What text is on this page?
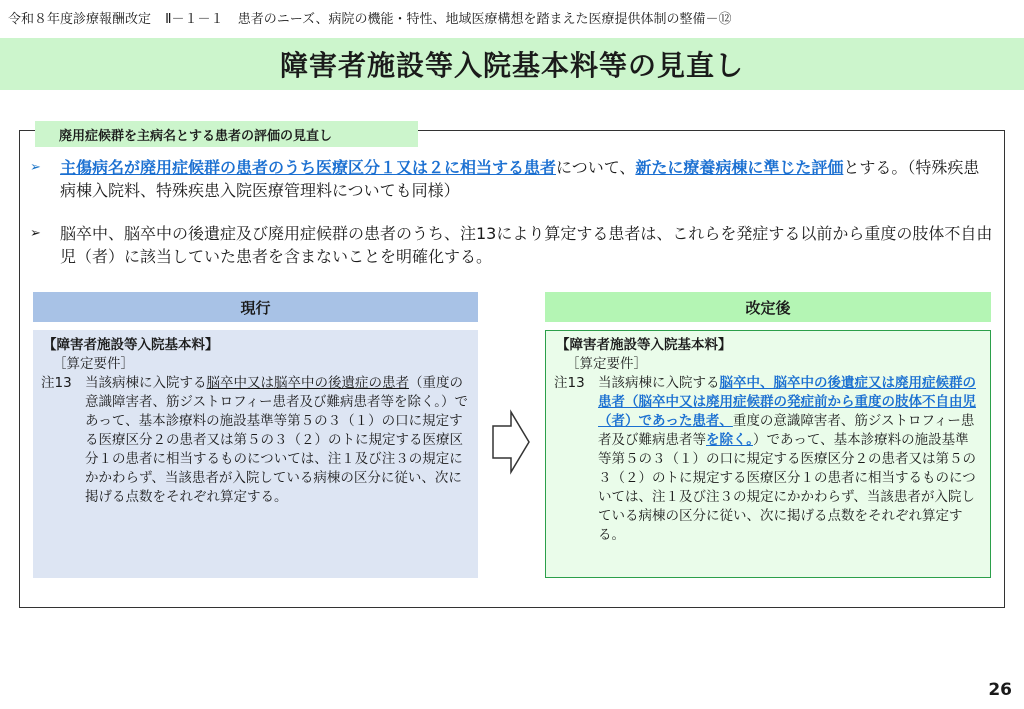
令和８年度診療報酬改定 Ⅱ－１－１ 患者のニーズ、病院の機能・特性、地域医療構想を踏まえた医療提供体制の整備－⑫
障害者施設等入院基本料等の見直し
廃用症候群を主病名とする患者の評価の見直し
➢ 主傷病名が廃用症候群の患者のうち医療区分１又は２に相当する患者について、新たに療養病棟に準じた評価とする。（特殊疾患病棟入院料、特殊疾患入院医療管理料についても同様）
➢ 脳卒中、脳卒中の後遺症及び廃用症候群の患者のうち、注13により算定する患者は、これらを発症する以前から重度の肢体不自由児（者）に該当していた患者を含まないことを明確化する。
現行	改定後
【障害者施設等入院基本料】
［算定要件］
注13 当該病棟に入院する脳卒中又は脳卒中の後遺症の患者（重度の意識障害者、筋ジストロフィー患者及び難病患者等を除く。）であって、基本診療料の施設基準等第５の３（１）の口に規定する医療区分２の患者又は第５の３（２）のトに規定する医療区分１の患者に相当するものについては、注１及び注３の規定にかかわらず、当該患者が入院している病棟の区分に従い、次に掲げる点数をそれぞれ算定する。
【障害者施設等入院基本料】
［算定要件］
注13 当該病棟に入院する脳卒中、脳卒中の後遺症又は廃用症候群の患者（脳卒中又は廃用症候群の発症前から重度の肢体不自由児（者）であった患者、重度の意識障害者、筋ジストロフィー患者及び難病患者等を除く。）であって、基本診療料の施設基準等第５の３（１）の口に規定する医療区分２の患者又は第５の３（２）のトに規定する医療区分１の患者に相当するものについては、注１及び注３の規定にかかわらず、当該患者が入院している病棟の区分に従い、次に掲げる点数をそれぞれ算定する。
26
